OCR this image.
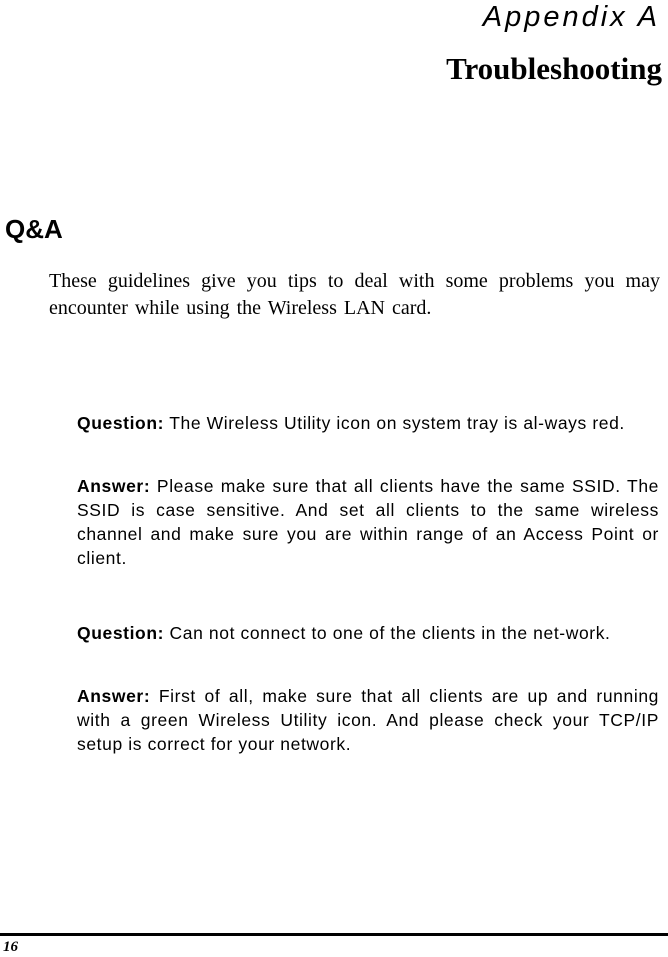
Appendix A
Troubleshooting
Q&A

These guidelines give you tips to deal with some problems you may encounter while using the Wireless LAN card.

Question: The Wireless Utility icon on system tray is al-ways red.

Answer: Please make sure that all clients have the same SSID. The SSID is case sensitive. And set all clients to the same wireless channel and make sure you are within range of an Access Point or client.

Question: Can not connect to one of the clients in the net-work.

Answer: First of all, make sure that all clients are up and running with a green Wireless Utility icon. And please check your TCP/IP setup is correct for your network.

16
